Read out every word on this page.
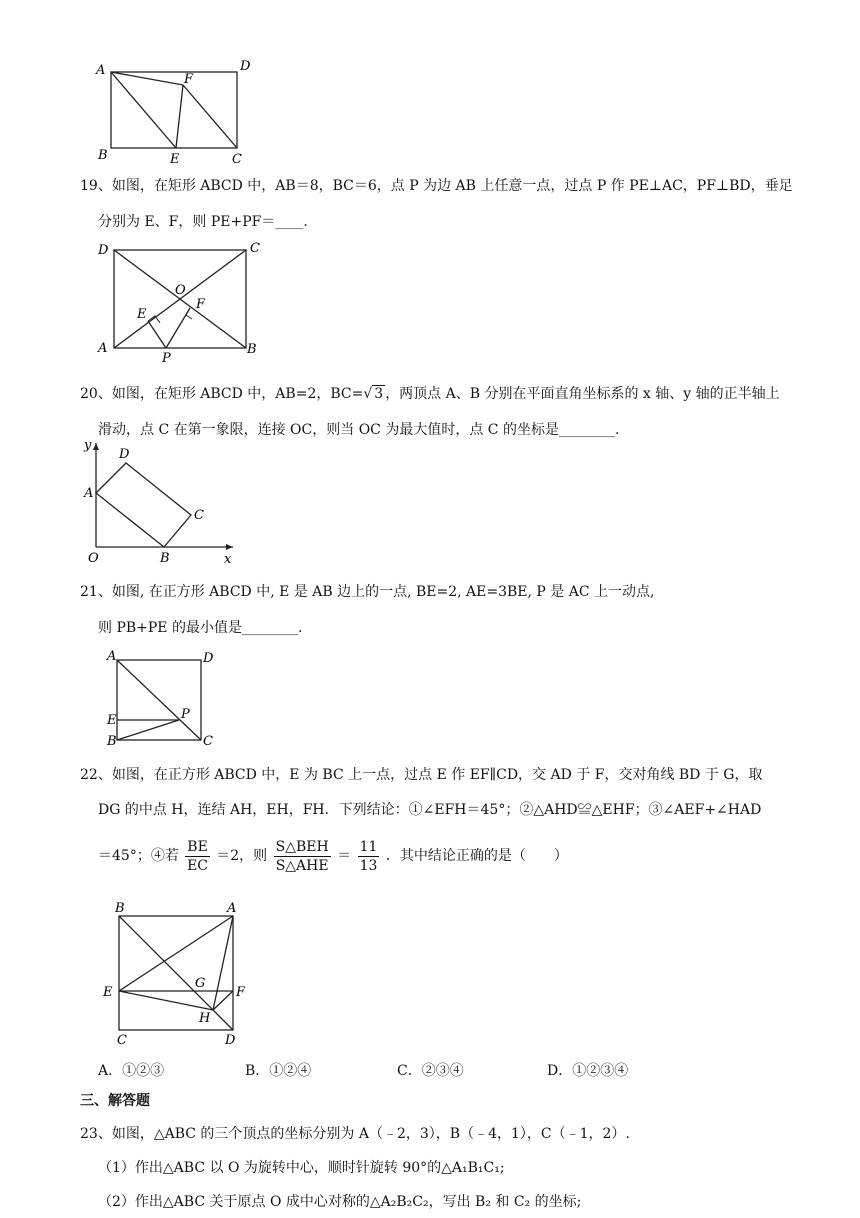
A	D
F
B	E	C
19、如图，在矩形 ABCD 中，AB＝8，BC＝6，点 P 为边 AB 上任意一点，过点 P 作 PE⊥AC，PF⊥BD，垂足
分别为 E、F，则 PE+PF＝____.
D	C
O
E
F
A
P
B
20、如图，在矩形 ABCD 中，AB=2，BC=√ 3 ，两顶点 A、B 分别在平面直角坐标系的 x 轴、y 轴的正半轴上
滑动，点 C 在第一象限，连接 OC，则当 OC 为最大值时，点 C 的坐标是________.
y
D
A
C
O	B	x
21、如图, 在正方形 ABCD 中, E 是 AB 边上的一点, BE=2, AE=3BE, P 是 AC 上一动点,
则 PB+PE 的最小值是________.
A	D
E	P
B	C
22、如图，在正方形 ABCD 中，E 为 BC 上一点，过点 E 作 EF∥CD，交 AD 于 F，交对角线 BD 于 G，取
DG 的中点 H，连结 AH，EH，FH．下列结论：①∠EFH＝45°；②△AHD≌△EHF；③∠AEF+∠HAD
＝45°；④若 $\frac{BE}{EC} =2$，则 $\frac{\text{S△BEH}}{\text{S△AHE}} = \frac{11}{13}$ ．其中结论正确的是（　　）
B	A
E
G
F
H
C	D
A．①②③	B．①②④	C．②③④	D．①②③④
三、解答题
23、如图，△ABC 的三个顶点的坐标分别为 A（﹣2，3），B（﹣4，1），C（﹣1，2）.
（1）作出△ABC 以 O 为旋转中心，顺时针旋转 90°的△A₁B₁C₁;
（2）作出△ABC 关于原点 O 成中心对称的△A₂B₂C₂，写出 B₂ 和 C₂ 的坐标;
